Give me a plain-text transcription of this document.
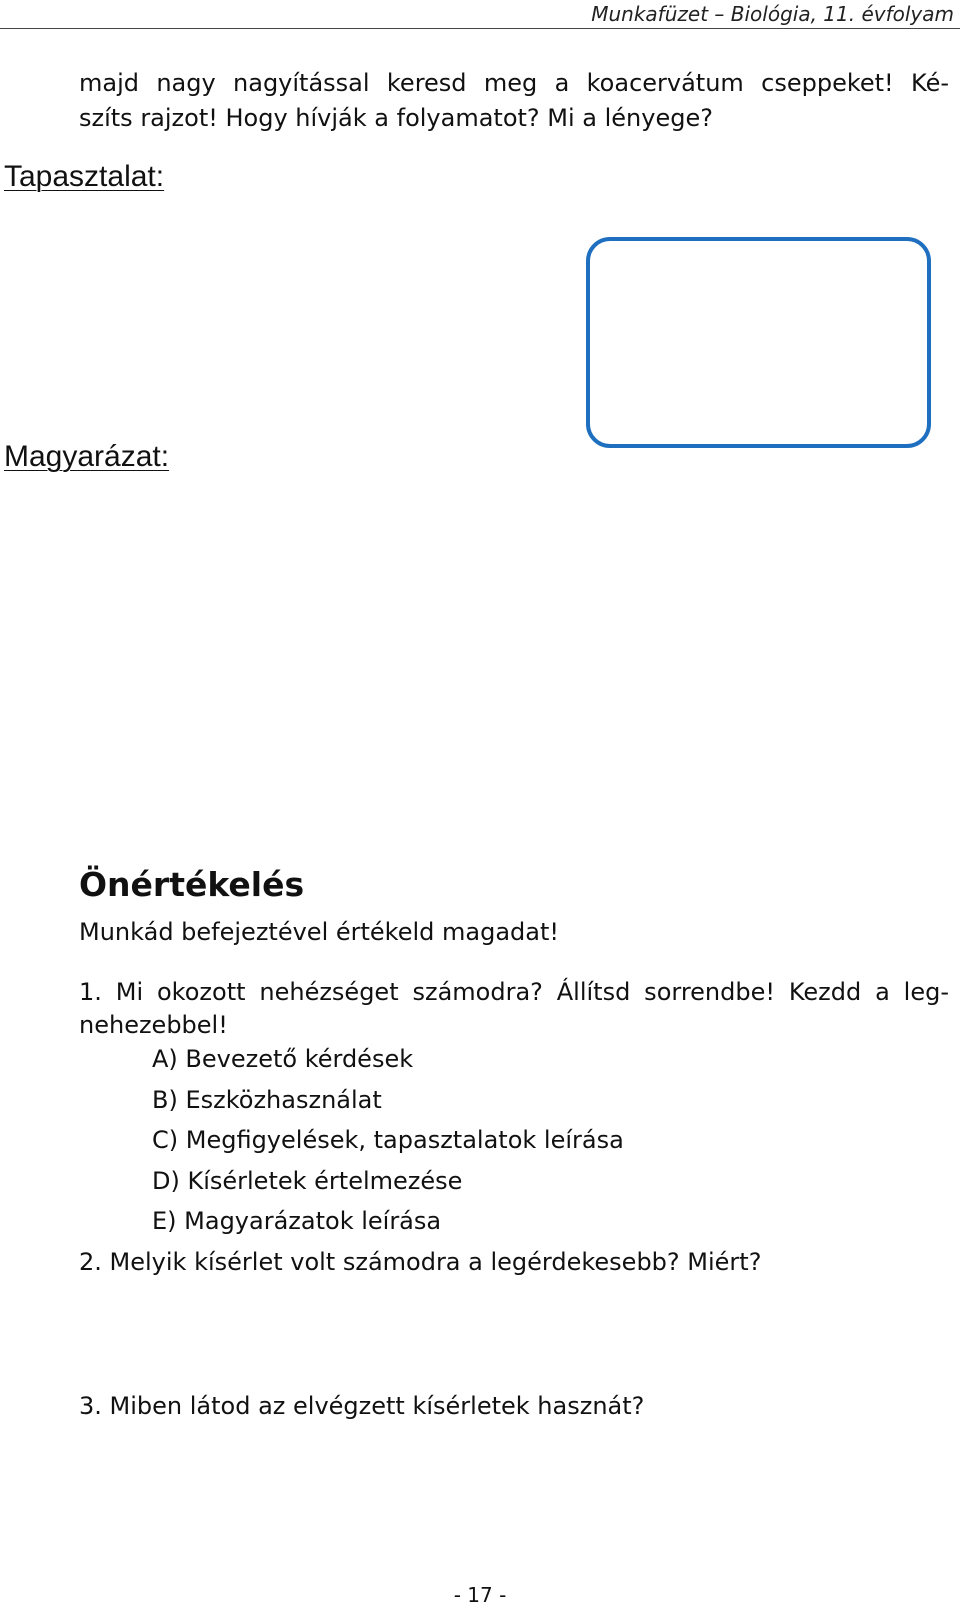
Munkafüzet – Biológia, 11. évfolyam
majd nagy nagyítással keresd meg a koacervátum cseppeket! Ké-
szíts rajzot! Hogy hívják a folyamatot? Mi a lényege?
Tapasztalat:
Magyarázat:
Önértékelés
Munkád befejeztével értékeld magadat!
1. Mi okozott nehézséget számodra? Állítsd sorrendbe! Kezdd a leg-
nehezebbel!
A) Bevezető kérdések
B) Eszközhasználat
C) Megfigyelések, tapasztalatok leírása
D) Kísérletek értelmezése
E) Magyarázatok leírása
2. Melyik kísérlet volt számodra a legérdekesebb? Miért?
3. Miben látod az elvégzett kísérletek hasznát?
- 17 -
